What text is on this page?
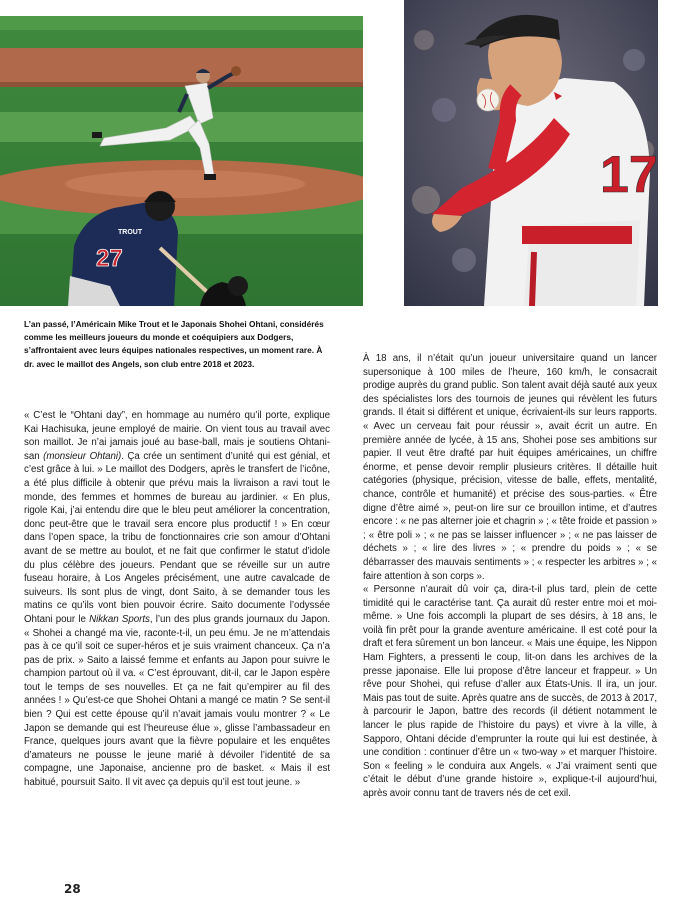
27
TROUT
17
L’an passé, l’Américain Mike Trout et le Japonais Shohei Ohtani, considérés comme les meilleurs joueurs du monde et coéquipiers aux Dodgers, s’affrontaient avec leurs équipes nationales respectives, un moment rare. À dr. avec le maillot des Angels, son club entre 2018 et 2023.

« C’est le “Ohtani day”, en hommage au numéro qu’il porte, explique Kai Hachisuka, jeune employé de mairie. On vient tous au travail avec son maillot. Je n’ai jamais joué au base-ball, mais je soutiens Ohtani-san (monsieur Ohtani). Ça crée un sentiment d’unité qui est génial, et c’est grâce à lui. » Le maillot des Dodgers, après le transfert de l’icône, a été plus difficile à obtenir que prévu mais la livraison a ravi tout le monde, des femmes et hommes de bureau au jardinier. « En plus, rigole Kai, j’ai entendu dire que le bleu peut améliorer la concentration, donc peut-être que le travail sera encore plus productif ! » En cœur dans l’open space, la tribu de fonctionnaires crie son amour d’Ohtani avant de se mettre au boulot, et ne fait que confirmer le statut d’idole du plus célèbre des joueurs. Pendant que se réveille sur un autre fuseau horaire, à Los Angeles précisément, une autre cavalcade de suiveurs. Ils sont plus de vingt, dont Saito, à se demander tous les matins ce qu’ils vont bien pouvoir écrire. Saito documente l’odyssée Ohtani pour le Nikkan Sports, l’un des plus grands journaux du Japon. « Shohei a changé ma vie, raconte-t-il, un peu ému. Je ne m’attendais pas à ce qu’il soit ce super-héros et je suis vraiment chanceux. Ça n’a pas de prix. » Saito a laissé femme et enfants au Japon pour suivre le champion partout où il va. « C’est éprouvant, dit-il, car le Japon espère tout le temps de ses nouvelles. Et ça ne fait qu’empirer au fil des années ! » Qu’est-ce que Shohei Ohtani a mangé ce matin ? Se sent-il bien ? Qui est cette épouse qu’il n’avait jamais voulu montrer ? « Le Japon se demande qui est l’heureuse élue », glisse l’ambassadeur en France, quelques jours avant que la fièvre populaire et les enquêtes d’amateurs ne pousse le jeune marié à dévoiler l’identité de sa compagne, une Japonaise, ancienne pro de basket. « Mais il est habitué, poursuit Saito. Il vit avec ça depuis qu’il est tout jeune. »

À 18 ans, il n’était qu’un joueur universitaire quand un lancer supersonique à 100 miles de l’heure, 160 km/h, le consacrait prodige auprès du grand public. Son talent avait déjà sauté aux yeux des spécialistes lors des tournois de jeunes qui révèlent les futurs grands. Il était si différent et unique, écrivaient-ils sur leurs rapports. « Avec un cerveau fait pour réussir », avait écrit un autre. En première année de lycée, à 15 ans, Shohei pose ses ambitions sur papier. Il veut être drafté par huit équipes américaines, un chiffre énorme, et pense devoir remplir plusieurs critères. Il détaille huit catégories (physique, précision, vitesse de balle, effets, mentalité, chance, contrôle et humanité) et précise des sous-parties. « Être digne d’être aimé », peut-on lire sur ce brouillon intime, et d’autres encore : « ne pas alterner joie et chagrin » ; « tête froide et passion » ; « être poli » ; « ne pas se laisser influencer » ; « ne pas laisser de déchets » ; « lire des livres » ; « prendre du poids » ; « se débarrasser des mauvais sentiments » ; « respecter les arbitres » ; « faire attention à son corps ».

« Personne n’aurait dû voir ça, dira-t-il plus tard, plein de cette timidité qui le caractérise tant. Ça aurait dû rester entre moi et moi-même. » Une fois accompli la plupart de ses désirs, à 18 ans, le voilà fin prêt pour la grande aventure américaine. Il est coté pour la draft et fera sûrement un bon lanceur. « Mais une équipe, les Nippon Ham Fighters, a pressenti le coup, lit-on dans les archives de la presse japonaise. Elle lui propose d’être lanceur et frappeur. » Un rêve pour Shohei, qui refuse d’aller aux États-Unis. Il ira, un jour. Mais pas tout de suite. Après quatre ans de succès, de 2013 à 2017, à parcourir le Japon, battre des records (il détient notamment le lancer le plus rapide de l’histoire du pays) et vivre à la ville, à Sapporo, Ohtani décide d’emprunter la route qui lui est destinée, à une condition : continuer d’être un « two-way » et marquer l’histoire. Son « feeling » le conduira aux Angels. « J’ai vraiment senti que c’était le début d’une grande histoire », explique-t-il aujourd’hui, après avoir connu tant de travers nés de cet exil.

28
